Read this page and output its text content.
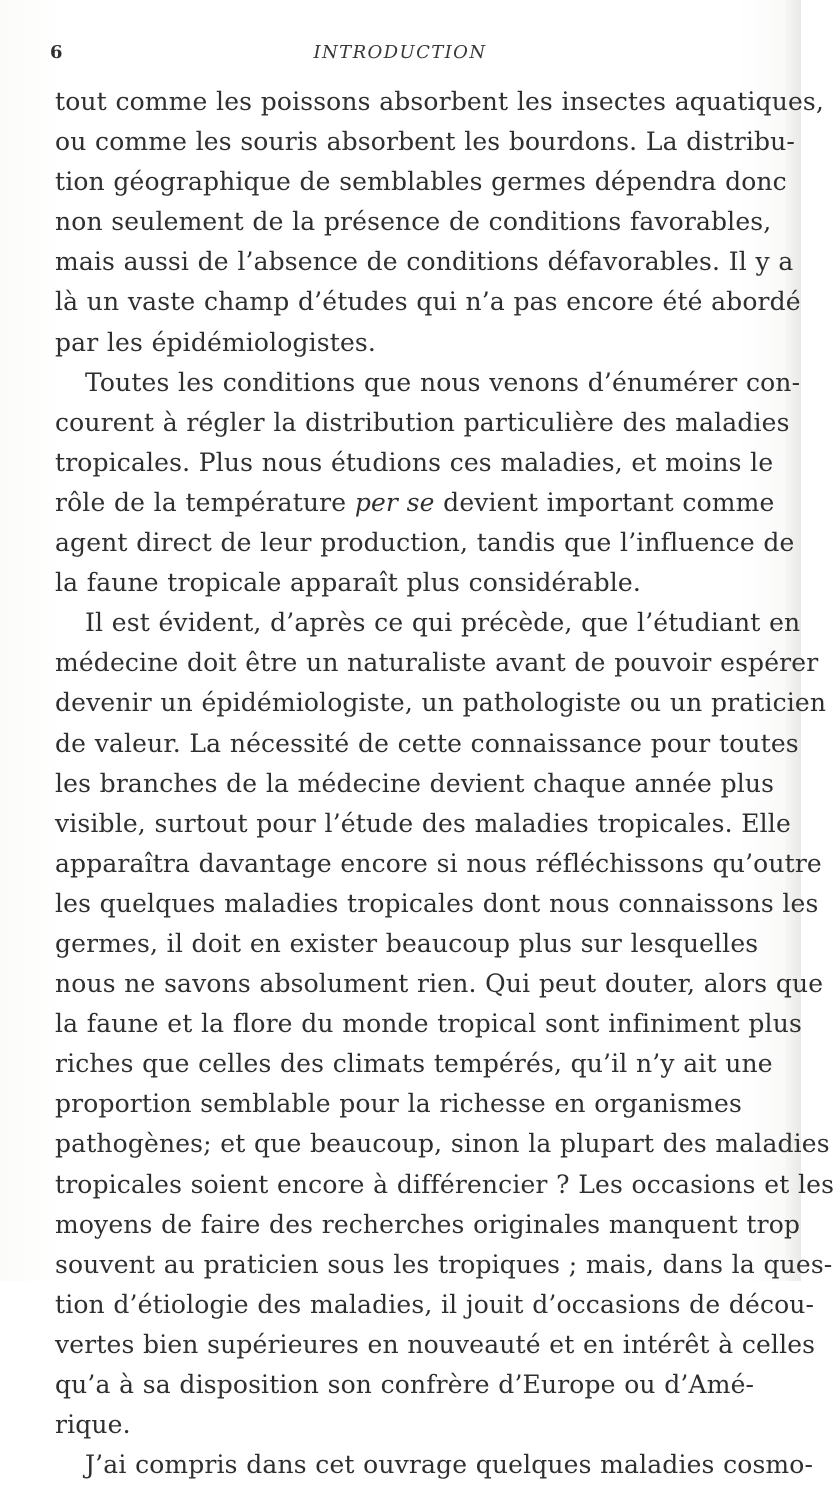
6	INTRODUCTION
tout comme les poissons absorbent les insectes aquatiques,
ou comme les souris absorbent les bourdons. La distribu-
tion géographique de semblables germes dépendra donc
non seulement de la présence de conditions favorables,
mais aussi de l’absence de conditions défavorables. Il y a
là un vaste champ d’études qui n’a pas encore été abordé
par les épidémiologistes.
Toutes les conditions que nous venons d’énumérer con-
courent à régler la distribution particulière des maladies
tropicales. Plus nous étudions ces maladies, et moins le
rôle de la température per se devient important comme
agent direct de leur production, tandis que l’influence de
la faune tropicale apparaît plus considérable.
Il est évident, d’après ce qui précède, que l’étudiant en
médecine doit être un naturaliste avant de pouvoir espérer
devenir un épidémiologiste, un pathologiste ou un praticien
de valeur. La nécessité de cette connaissance pour toutes
les branches de la médecine devient chaque année plus
visible, surtout pour l’étude des maladies tropicales. Elle
apparaîtra davantage encore si nous réfléchissons qu’outre
les quelques maladies tropicales dont nous connaissons les
germes, il doit en exister beaucoup plus sur lesquelles
nous ne savons absolument rien. Qui peut douter, alors que
la faune et la flore du monde tropical sont infiniment plus
riches que celles des climats tempérés, qu’il n’y ait une
proportion semblable pour la richesse en organismes
pathogènes; et que beaucoup, sinon la plupart des maladies
tropicales soient encore à différencier ? Les occasions et les
moyens de faire des recherches originales manquent trop
souvent au praticien sous les tropiques ; mais, dans la ques-
tion d’étiologie des maladies, il jouit d’occasions de décou-
vertes bien supérieures en nouveauté et en intérêt à celles
qu’a à sa disposition son confrère d’Europe ou d’Amé-
rique.
J’ai compris dans cet ouvrage quelques maladies cosmo-
